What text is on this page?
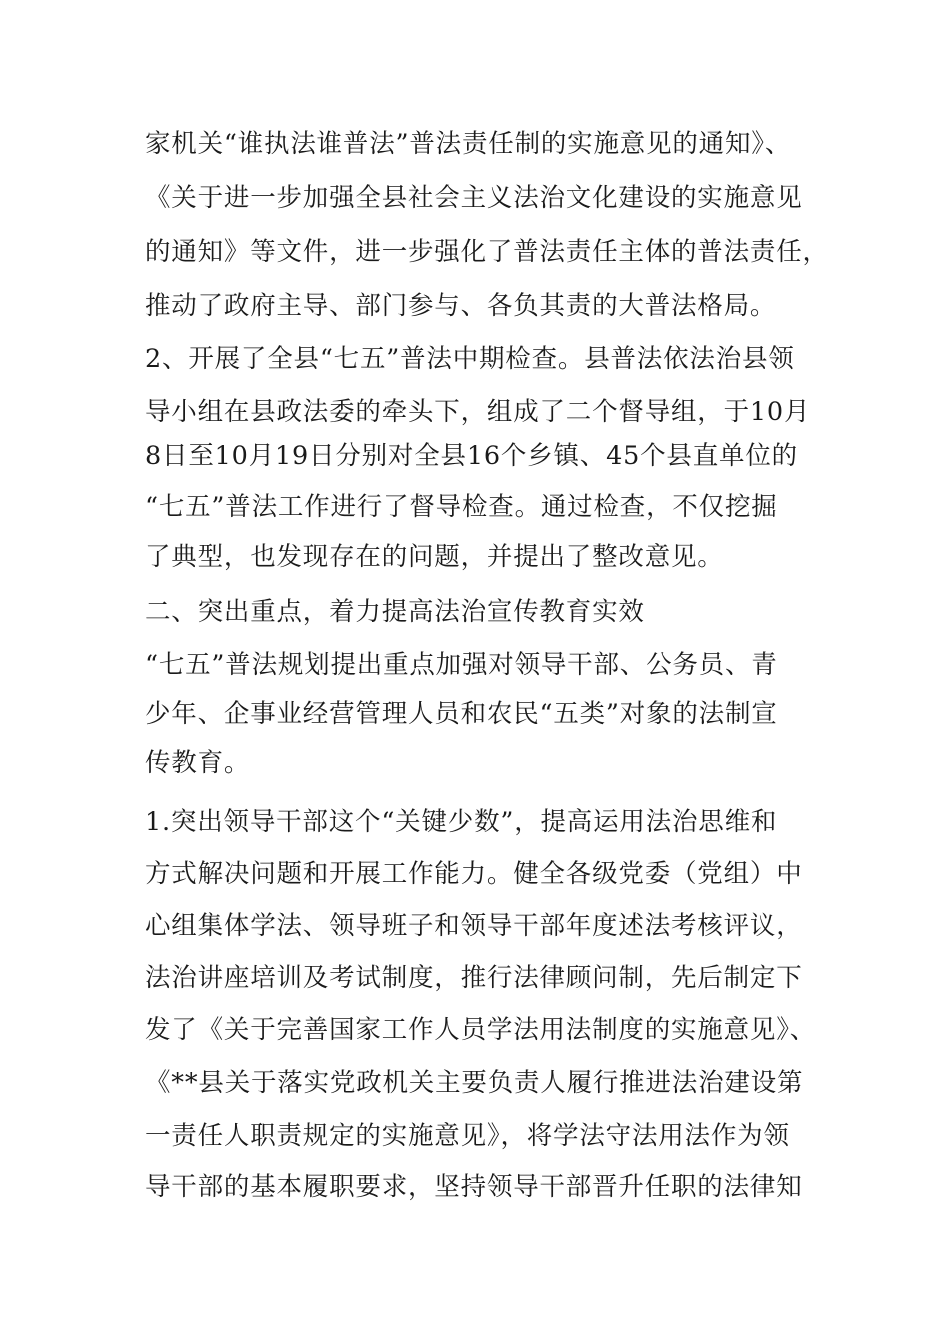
家机关“谁执法谁普法”普法责任制的实施意见的通知》、
《关于进一步加强全县社会主义法治文化建设的实施意见
的通知》等文件，进一步强化了普法责任主体的普法责任，
推动了政府主导、部门参与、各负其责的大普法格局。
2、开展了全县“七五”普法中期检查。县普法依法治县领
导小组在县政法委的牵头下，组成了二个督导组，于10月
8日至10月19日分别对全县16个乡镇、45个县直单位的
“七五”普法工作进行了督导检查。通过检查，不仅挖掘
了典型，也发现存在的问题，并提出了整改意见。
二、突出重点，着力提高法治宣传教育实效
“七五”普法规划提出重点加强对领导干部、公务员、青
少年、企事业经营管理人员和农民“五类”对象的法制宣
传教育。
1.突出领导干部这个“关键少数”，提高运用法治思维和
方式解决问题和开展工作能力。健全各级党委（党组）中
心组集体学法、领导班子和领导干部年度述法考核评议，
法治讲座培训及考试制度，推行法律顾问制，先后制定下
发了《关于完善国家工作人员学法用法制度的实施意见》、
《**县关于落实党政机关主要负责人履行推进法治建设第
一责任人职责规定的实施意见》，将学法守法用法作为领
导干部的基本履职要求，坚持领导干部晋升任职的法律知
